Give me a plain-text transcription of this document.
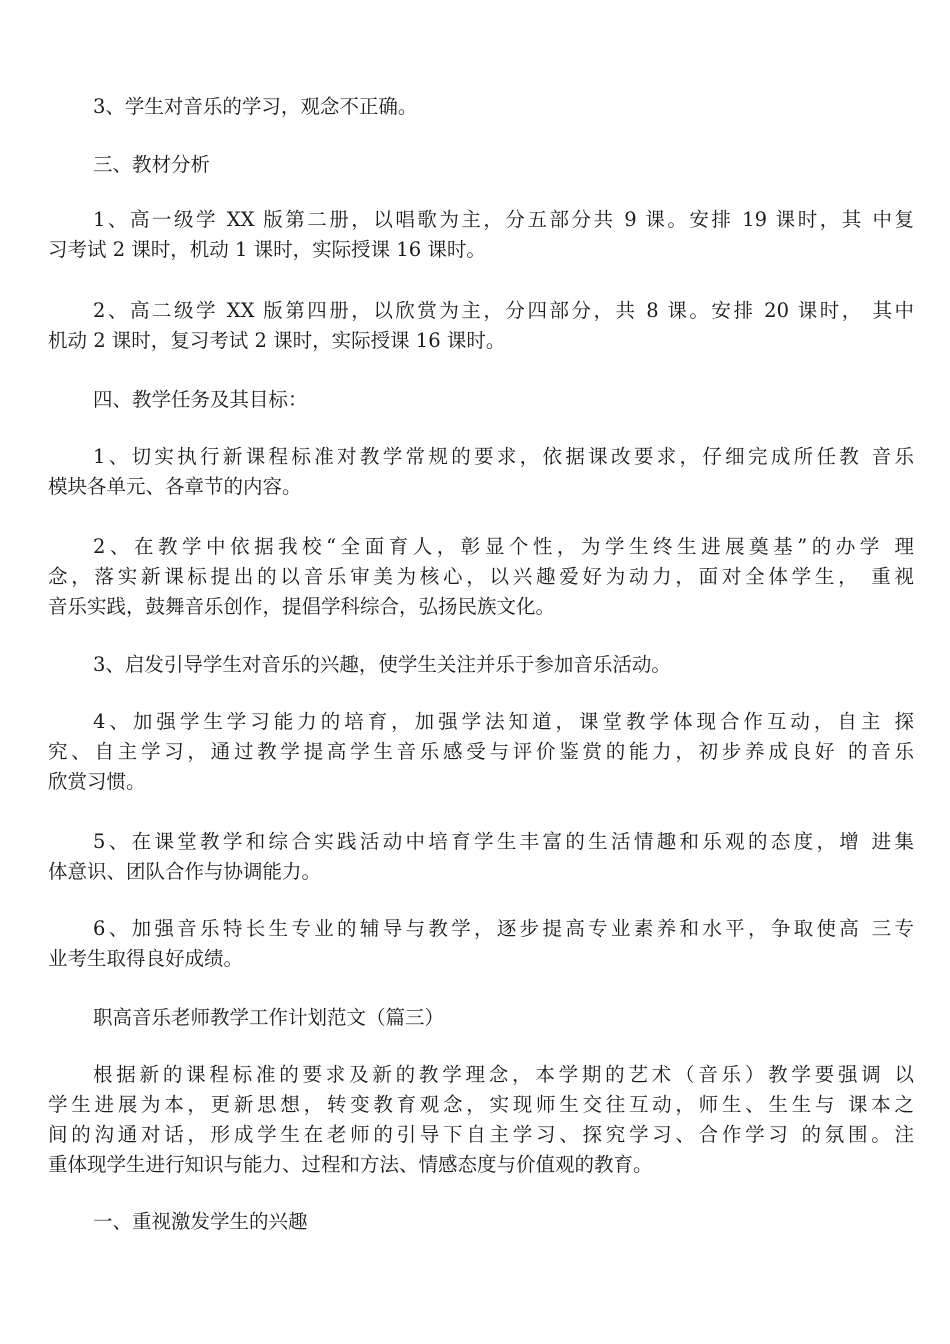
3、学生对音乐的学习，观念不正确。
三、教材分析
1、高一级学 XX 版第二册，以唱歌为主，分五部分共 9 课。安排 19 课时，其 中复
习考试 2 课时，机动 1 课时，实际授课 16 课时。
2、高二级学 XX 版第四册，以欣赏为主，分四部分，共 8 课。安排 20 课时， 其中
机动 2 课时，复习考试 2 课时，实际授课 16 课时。
四、教学任务及其目标：
1、切实执行新课程标准对教学常规的要求，依据课改要求，仔细完成所任教 音乐
模块各单元、各章节的内容。
2、在教学中依据我校“全面育人，彰显个性，为学生终生进展奠基”的办学 理
念，落实新课标提出的以音乐审美为核心，以兴趣爱好为动力，面对全体学生， 重视
音乐实践，鼓舞音乐创作，提倡学科综合，弘扬民族文化。
3、启发引导学生对音乐的兴趣，使学生关注并乐于参加音乐活动。
4、加强学生学习能力的培育，加强学法知道，课堂教学体现合作互动，自主 探
究、自主学习，通过教学提高学生音乐感受与评价鉴赏的能力，初步养成良好 的音乐
欣赏习惯。
5、在课堂教学和综合实践活动中培育学生丰富的生活情趣和乐观的态度，增 进集
体意识、团队合作与协调能力。
6、加强音乐特长生专业的辅导与教学，逐步提高专业素养和水平，争取使高 三专
业考生取得良好成绩。
职高音乐老师教学工作计划范文（篇三）
根据新的课程标准的要求及新的教学理念，本学期的艺术（音乐）教学要强调 以
学生进展为本，更新思想，转变教育观念，实现师生交往互动，师生、生生与 课本之
间的沟通对话，形成学生在老师的引导下自主学习、探究学习、合作学习 的氛围。注
重体现学生进行知识与能力、过程和方法、情感态度与价值观的教育。
一、重视激发学生的兴趣
